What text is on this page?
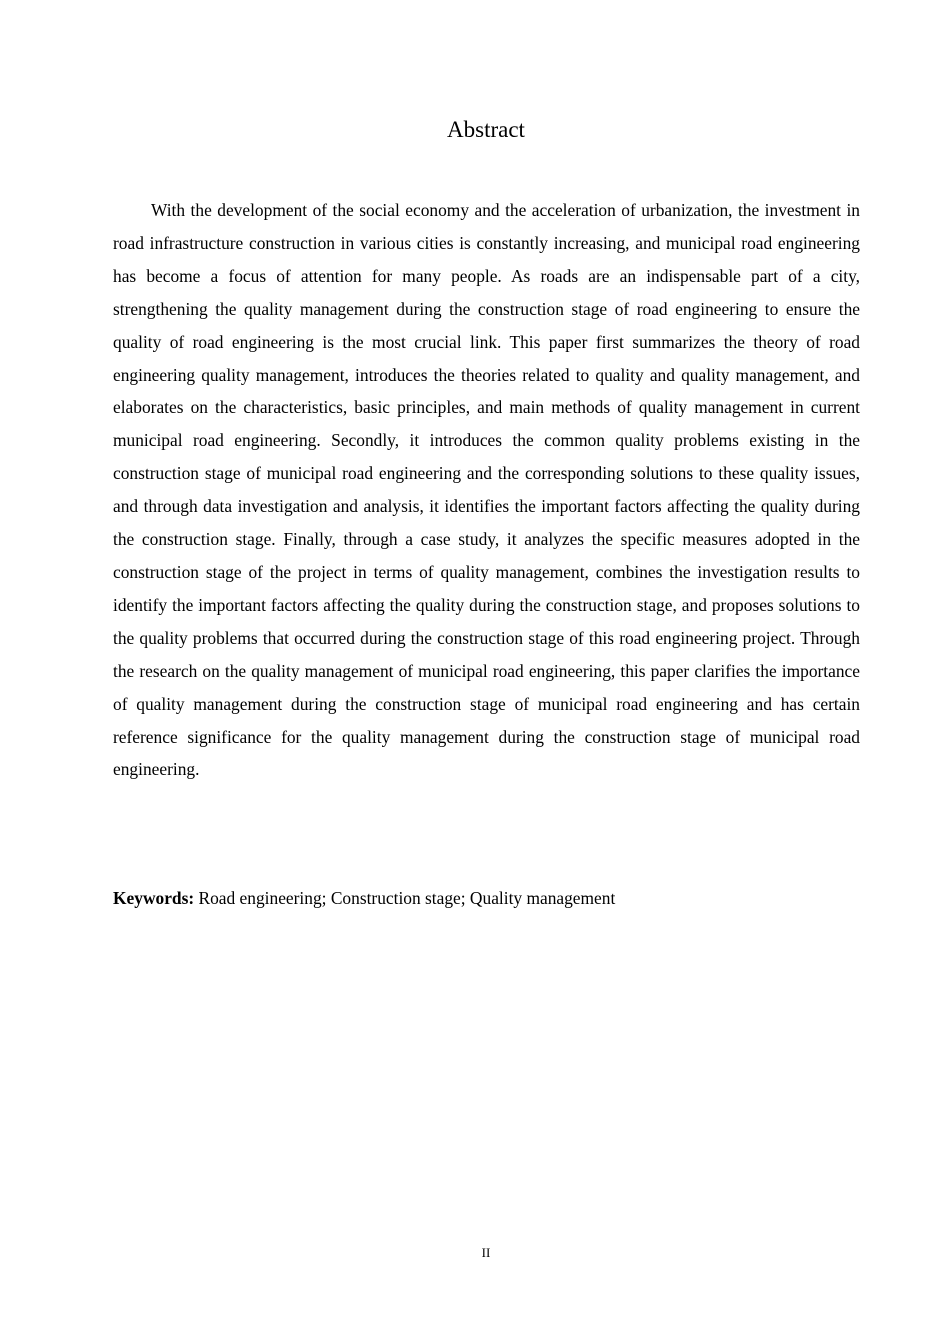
Abstract

With the development of the social economy and the acceleration of urbanization, the investment in road infrastructure construction in various cities is constantly increasing, and municipal road engineering has become a focus of attention for many people. As roads are an indispensable part of a city, strengthening the quality management during the construction stage of road engineering to ensure the quality of road engineering is the most crucial link. This paper first summarizes the theory of road engineering quality management, introduces the theories related to quality and quality management, and elaborates on the characteristics, basic principles, and main methods of quality management in current municipal road engineering. Secondly, it introduces the common quality problems existing in the construction stage of municipal road engineering and the corresponding solutions to these quality issues, and through data investigation and analysis, it identifies the important factors affecting the quality during the construction stage. Finally, through a case study, it analyzes the specific measures adopted in the construction stage of the project in terms of quality management, combines the investigation results to identify the important factors affecting the quality during the construction stage, and proposes solutions to the quality problems that occurred during the construction stage of this road engineering project. Through the research on the quality management of municipal road engineering, this paper clarifies the importance of quality management during the construction stage of municipal road engineering and has certain reference significance for the quality management during the construction stage of municipal road engineering.

Keywords: Road engineering; Construction stage; Quality management
II
